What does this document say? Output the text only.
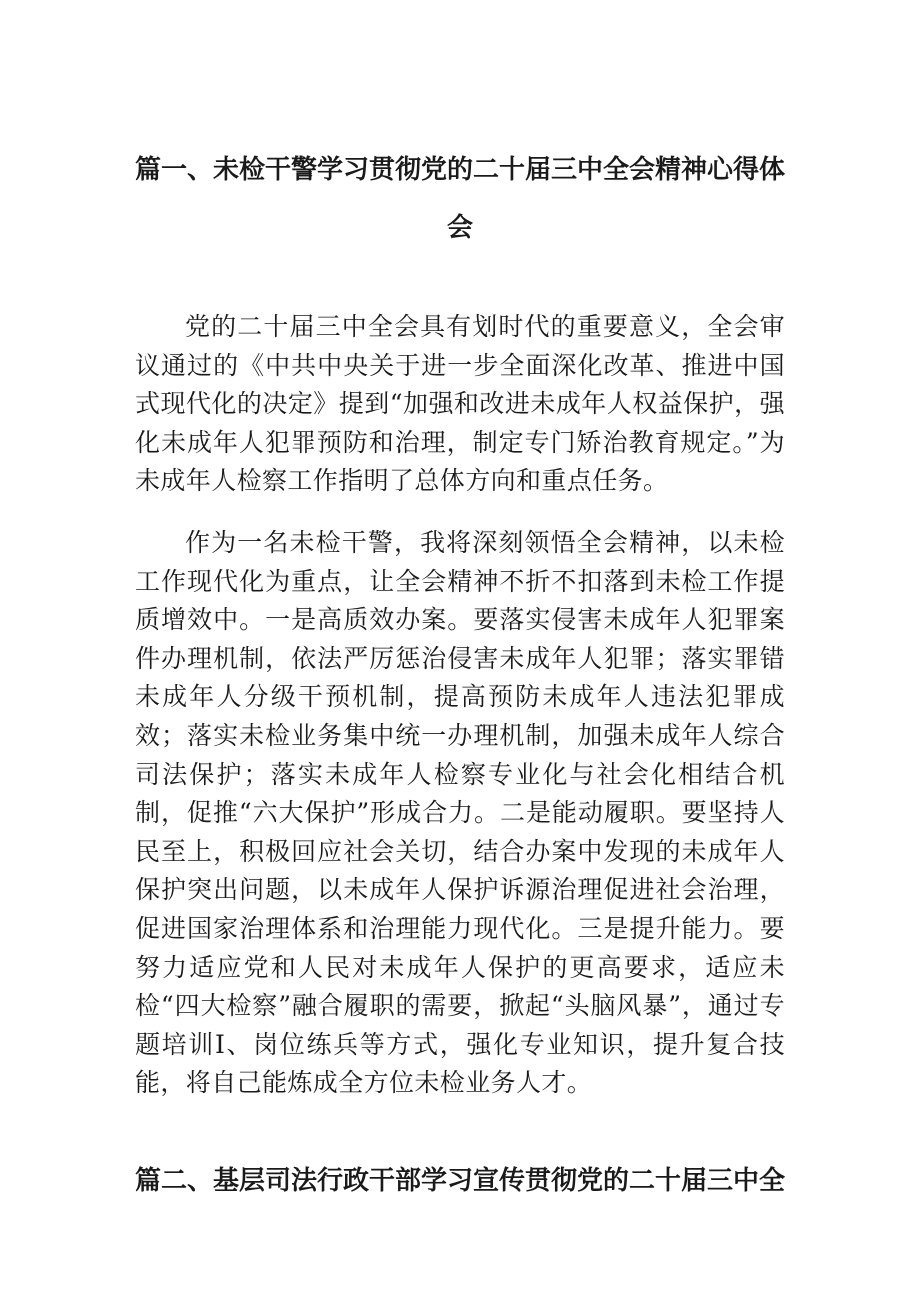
篇一、未检干警学习贯彻党的二十届三中全会精神心得体
会

党的二十届三中全会具有划时代的重要意义，全会审议通过的《中共中央关于进一步全面深化改革、推进中国式现代化的决定》提到“加强和改进未成年人权益保护，强化未成年人犯罪预防和治理，制定专门矫治教育规定。”为未成年人检察工作指明了总体方向和重点任务。

作为一名未检干警，我将深刻领悟全会精神，以未检工作现代化为重点，让全会精神不折不扣落到未检工作提质增效中。一是高质效办案。要落实侵害未成年人犯罪案件办理机制，依法严厉惩治侵害未成年人犯罪；落实罪错未成年人分级干预机制，提高预防未成年人违法犯罪成效；落实未检业务集中统一办理机制，加强未成年人综合司法保护；落实未成年人检察专业化与社会化相结合机制，促推“六大保护”形成合力。二是能动履职。要坚持人民至上，积极回应社会关切，结合办案中发现的未成年人保护突出问题，以未成年人保护诉源治理促进社会治理，促进国家治理体系和治理能力现代化。三是提升能力。要努力适应党和人民对未成年人保护的更高要求，适应未检“四大检察”融合履职的需要，掀起“头脑风暴”，通过专题培训I、岗位练兵等方式，强化专业知识，提升复合技能，将自己能炼成全方位未检业务人才。

篇二、基层司法行政干部学习宣传贯彻党的二十届三中全
